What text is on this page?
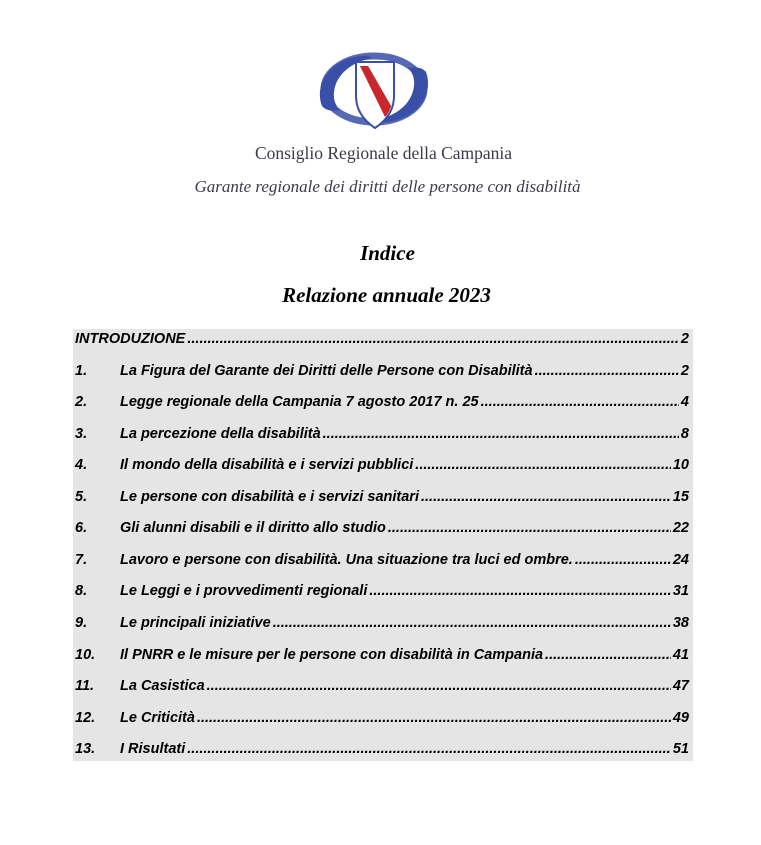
Consiglio Regionale della Campania
Garante regionale dei diritti delle persone con disabilità
Indice
Relazione annuale 2023
INTRODUZIONE .....	2
1.	La Figura del Garante dei Diritti delle Persone con Disabilità .....	2
2.	Legge regionale della Campania 7 agosto 2017 n. 25 .....	4
3.	La percezione della disabilità .....	8
4.	Il mondo della disabilità e i servizi pubblici .....	10
5.	Le persone con disabilità e i servizi sanitari .....	15
6.	Gli alunni disabili e il diritto allo studio .....	22
7.	Lavoro e persone con disabilità. Una situazione tra luci ed ombre. .....	24
8.	Le Leggi e i provvedimenti regionali .....	31
9.	Le principali iniziative .....	38
10.	Il PNRR e le misure per le persone con disabilità in Campania .....	41
11.	La Casistica .....	47
12.	Le Criticità .....	49
13.	I Risultati .....	51
